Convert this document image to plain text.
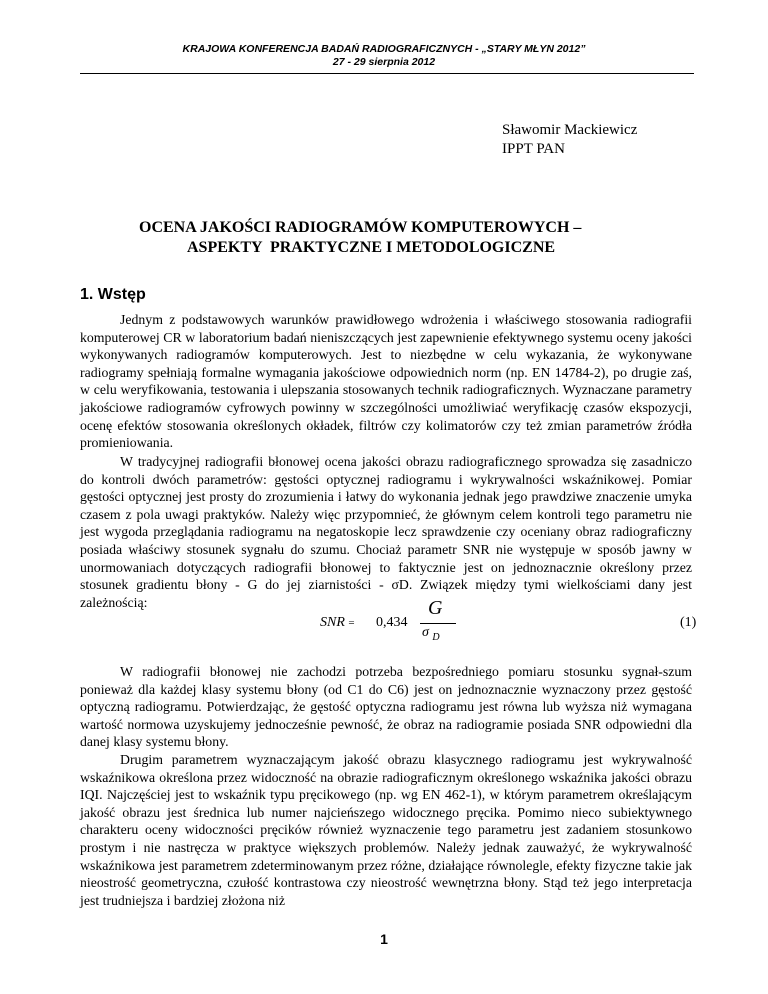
KRAJOWA KONFERENCJA BADAŃ RADIOGRAFICZNYCH - „STARY MŁYN 2012”
27 - 29 sierpnia 2012
Sławomir Mackiewicz
IPPT PAN
OCENA JAKOŚCI RADIOGRAMÓW KOMPUTEROWYCH –
ASPEKTY  PRAKTYCZNE I METODOLOGICZNE
1. Wstęp

Jednym z podstawowych warunków prawidłowego wdrożenia i właściwego stosowania radiografii komputerowej CR w laboratorium badań nieniszczących jest zapewnienie efektywnego systemu oceny jakości wykonywanych radiogramów komputerowych. Jest to niezbędne w celu wykazania, że wykonywane radiogramy spełniają formalne wymagania jakościowe odpowiednich norm (np. EN 14784-2), po drugie zaś, w celu weryfikowania, testowania i ulepszania stosowanych technik radiograficznych. Wyznaczane parametry jakościowe radiogramów cyfrowych powinny w szczególności umożliwiać weryfikację czasów ekspozycji, ocenę efektów stosowania określonych okładek, filtrów czy kolimatorów czy też zmian parametrów źródła promieniowania.

W tradycyjnej radiografii błonowej ocena jakości obrazu radiograficznego sprowadza się zasadniczo do kontroli dwóch parametrów: gęstości optycznej radiogramu i wykrywalności wskaźnikowej. Pomiar gęstości optycznej jest prosty do zrozumienia i łatwy do wykonania jednak jego prawdziwe znaczenie umyka czasem z pola uwagi praktyków. Należy więc przypomnieć, że głównym celem kontroli tego parametru nie jest wygoda przeglądania radiogramu na negatoskopie lecz sprawdzenie czy oceniany obraz radiograficzny posiada właściwy stosunek sygnału do szumu. Chociaż parametr SNR nie występuje w sposób jawny w unormowaniach dotyczących radiografii błonowej to faktycznie jest on jednoznacznie określony przez stosunek gradientu błony - G do jej ziarnistości - σD. Związek między tymi wielkościami dany jest zależnością:

SNR = 0,434
G
σ $_D$
(1)

W radiografii błonowej nie zachodzi potrzeba bezpośredniego pomiaru stosunku sygnał-szum ponieważ dla każdej klasy systemu błony (od C1 do C6) jest on jednoznacznie wyznaczony przez gęstość optyczną radiogramu. Potwierdzając, że gęstość optyczna radiogramu jest równa lub wyższa niż wymagana wartość normowa uzyskujemy jednocześnie pewność, że obraz na radiogramie posiada SNR odpowiedni dla danej klasy systemu błony.

Drugim parametrem wyznaczającym jakość obrazu klasycznego radiogramu jest wykrywalność wskaźnikowa określona przez widoczność na obrazie radiograficznym określonego wskaźnika jakości obrazu IQI. Najczęściej jest to wskaźnik typu pręcikowego (np. wg EN 462-1), w którym parametrem określającym jakość obrazu jest średnica lub numer najcieńszego widocznego pręcika. Pomimo nieco subiektywnego charakteru oceny widoczności pręcików również wyznaczenie tego parametru jest zadaniem stosunkowo prostym i nie nastręcza w praktyce większych problemów. Należy jednak zauważyć, że wykrywalność wskaźnikowa jest parametrem zdeterminowanym przez różne, działające równolegle, efekty fizyczne takie jak nieostrość geometryczna, czułość kontrastowa czy nieostrość wewnętrzna błony. Stąd też jego interpretacja jest trudniejsza i bardziej złożona niż

1
